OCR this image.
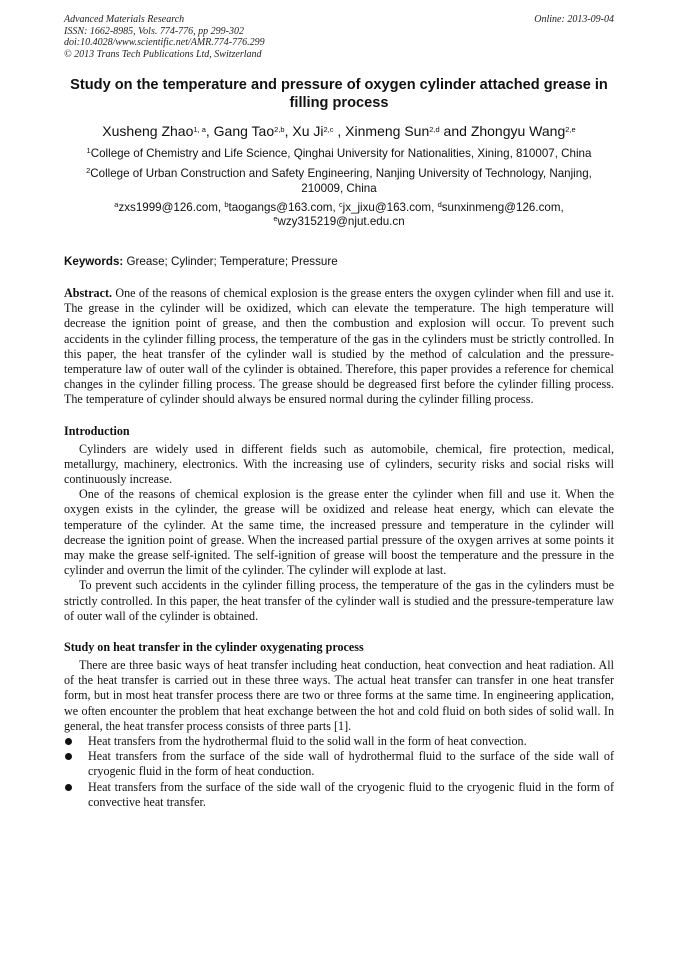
Advanced Materials Research
ISSN: 1662-8985, Vols. 774-776, pp 299-302
doi:10.4028/www.scientific.net/AMR.774-776.299
© 2013 Trans Tech Publications Ltd, Switzerland
Online: 2013-09-04
Study on the temperature and pressure of oxygen cylinder attached grease in filling process
Xusheng Zhao$^{1, a}$, Gang Tao$^{2,b}$, Xu Ji$^{2,c}$ , Xinmeng Sun$^{2,d}$ and Zhongyu Wang$^{2,e}$
$^1$College of Chemistry and Life Science, Qinghai University for Nationalities, Xining, 810007, China
$^2$College of Urban Construction and Safety Engineering, Nanjing University of Technology, Nanjing, 210009, China
$^a$zxs1999@126.com, $^b$taogangs@163.com, $^c$jx_jixu@163.com, $^d$sunxinmeng@126.com,
$^e$wzy315219@njut.edu.cn
Keywords: Grease; Cylinder; Temperature; Pressure

Abstract. One of the reasons of chemical explosion is the grease enters the oxygen cylinder when fill and use it. The grease in the cylinder will be oxidized, which can elevate the temperature. The high temperature will decrease the ignition point of grease, and then the combustion and explosion will occur. To prevent such accidents in the cylinder filling process, the temperature of the gas in the cylinders must be strictly controlled. In this paper, the heat transfer of the cylinder wall is studied by the method of calculation and the pressure-temperature law of outer wall of the cylinder is obtained. Therefore, this paper provides a reference for chemical changes in the cylinder filling process. The grease should be degreased first before the cylinder filling process. The temperature of cylinder should always be ensured normal during the cylinder filling process.

Introduction

Cylinders are widely used in different fields such as automobile, chemical, fire protection, medical, metallurgy, machinery, electronics. With the increasing use of cylinders, security risks and social risks will continuously increase.

One of the reasons of chemical explosion is the grease enter the cylinder when fill and use it. When the oxygen exists in the cylinder, the grease will be oxidized and release heat energy, which can elevate the temperature of the cylinder. At the same time, the increased pressure and temperature in the cylinder will decrease the ignition point of grease. When the increased partial pressure of the oxygen arrives at some points it may make the grease self-ignited. The self-ignition of grease will boost the temperature and the pressure in the cylinder and overrun the limit of the cylinder. The cylinder will explode at last.

To prevent such accidents in the cylinder filling process, the temperature of the gas in the cylinders must be strictly controlled. In this paper, the heat transfer of the cylinder wall is studied and the pressure-temperature law of outer wall of the cylinder is obtained.

Study on heat transfer in the cylinder oxygenating process

There are three basic ways of heat transfer including heat conduction, heat convection and heat radiation. All of the heat transfer is carried out in these three ways. The actual heat transfer can transfer in one heat transfer form, but in most heat transfer process there are two or three forms at the same time. In engineering application, we often encounter the problem that heat exchange between the hot and cold fluid on both sides of solid wall. In general, the heat transfer process consists of three parts [1].

Heat transfers from the hydrothermal fluid to the solid wall in the form of heat convection.
Heat transfers from the surface of the side wall of hydrothermal fluid to the surface of the side wall of cryogenic fluid in the form of heat conduction.
Heat transfers from the surface of the side wall of the cryogenic fluid to the cryogenic fluid in the form of convective heat transfer.
